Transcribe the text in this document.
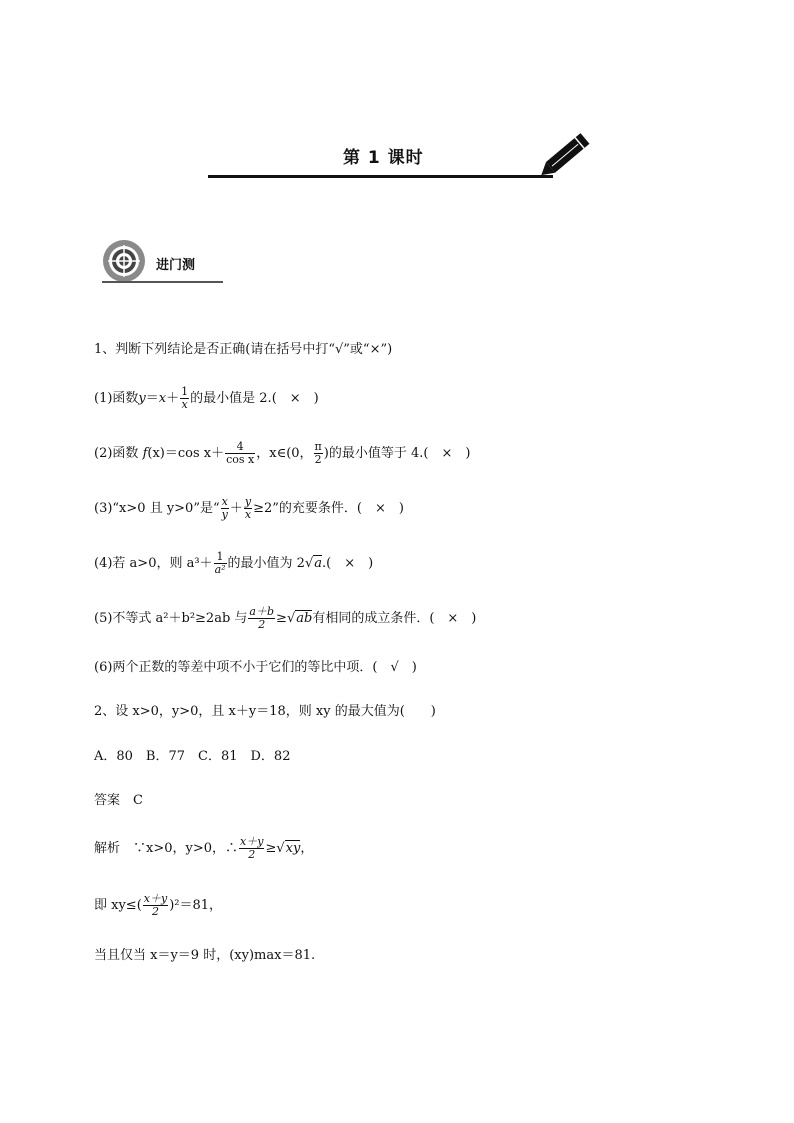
第 1 课时
进门测
1、判断下列结论是否正确(请在括号中打“√”或“×”)
(1)函数$y=x+ \frac{1}{x}$ 的最小值是 2.(　×　)
(2)函数 f(x)＝cos $x+ \frac{4}{\text{cos x}}$ ，x∈(0， $\frac{\pi}{2}$ )的最小值等于 4.(　×　)
(3)“x>0 且 y>0”是“ $\frac{x}{y} + \frac{y}{x} \ge 2$”的充要条件．(　×　)
(4)若 a>0，则 $a^3+ \frac{1}{\text{a²}}$ 的最小值为 2√a.(　×　)
(5)不等式 a²＋b²≥2ab 与 $\frac{a+b}{2} \ge√ab$有相同的成立条件．(　×　)
(6)两个正数的等差中项不小于它们的等比中项．(　√　)
2、设 x>0，y>0，且 x＋y＝18，则 xy 的最大值为(　　)
A．80　B．77　C．81　D．82
答案　C
解析　∵x>0，y>0，∴ $\frac{x+y}{2} \ge√xy$，
即 $xy\le( \frac{x+y}{2} )^2=81$，
当且仅当 x＝y＝9 时，(xy)max＝81.
